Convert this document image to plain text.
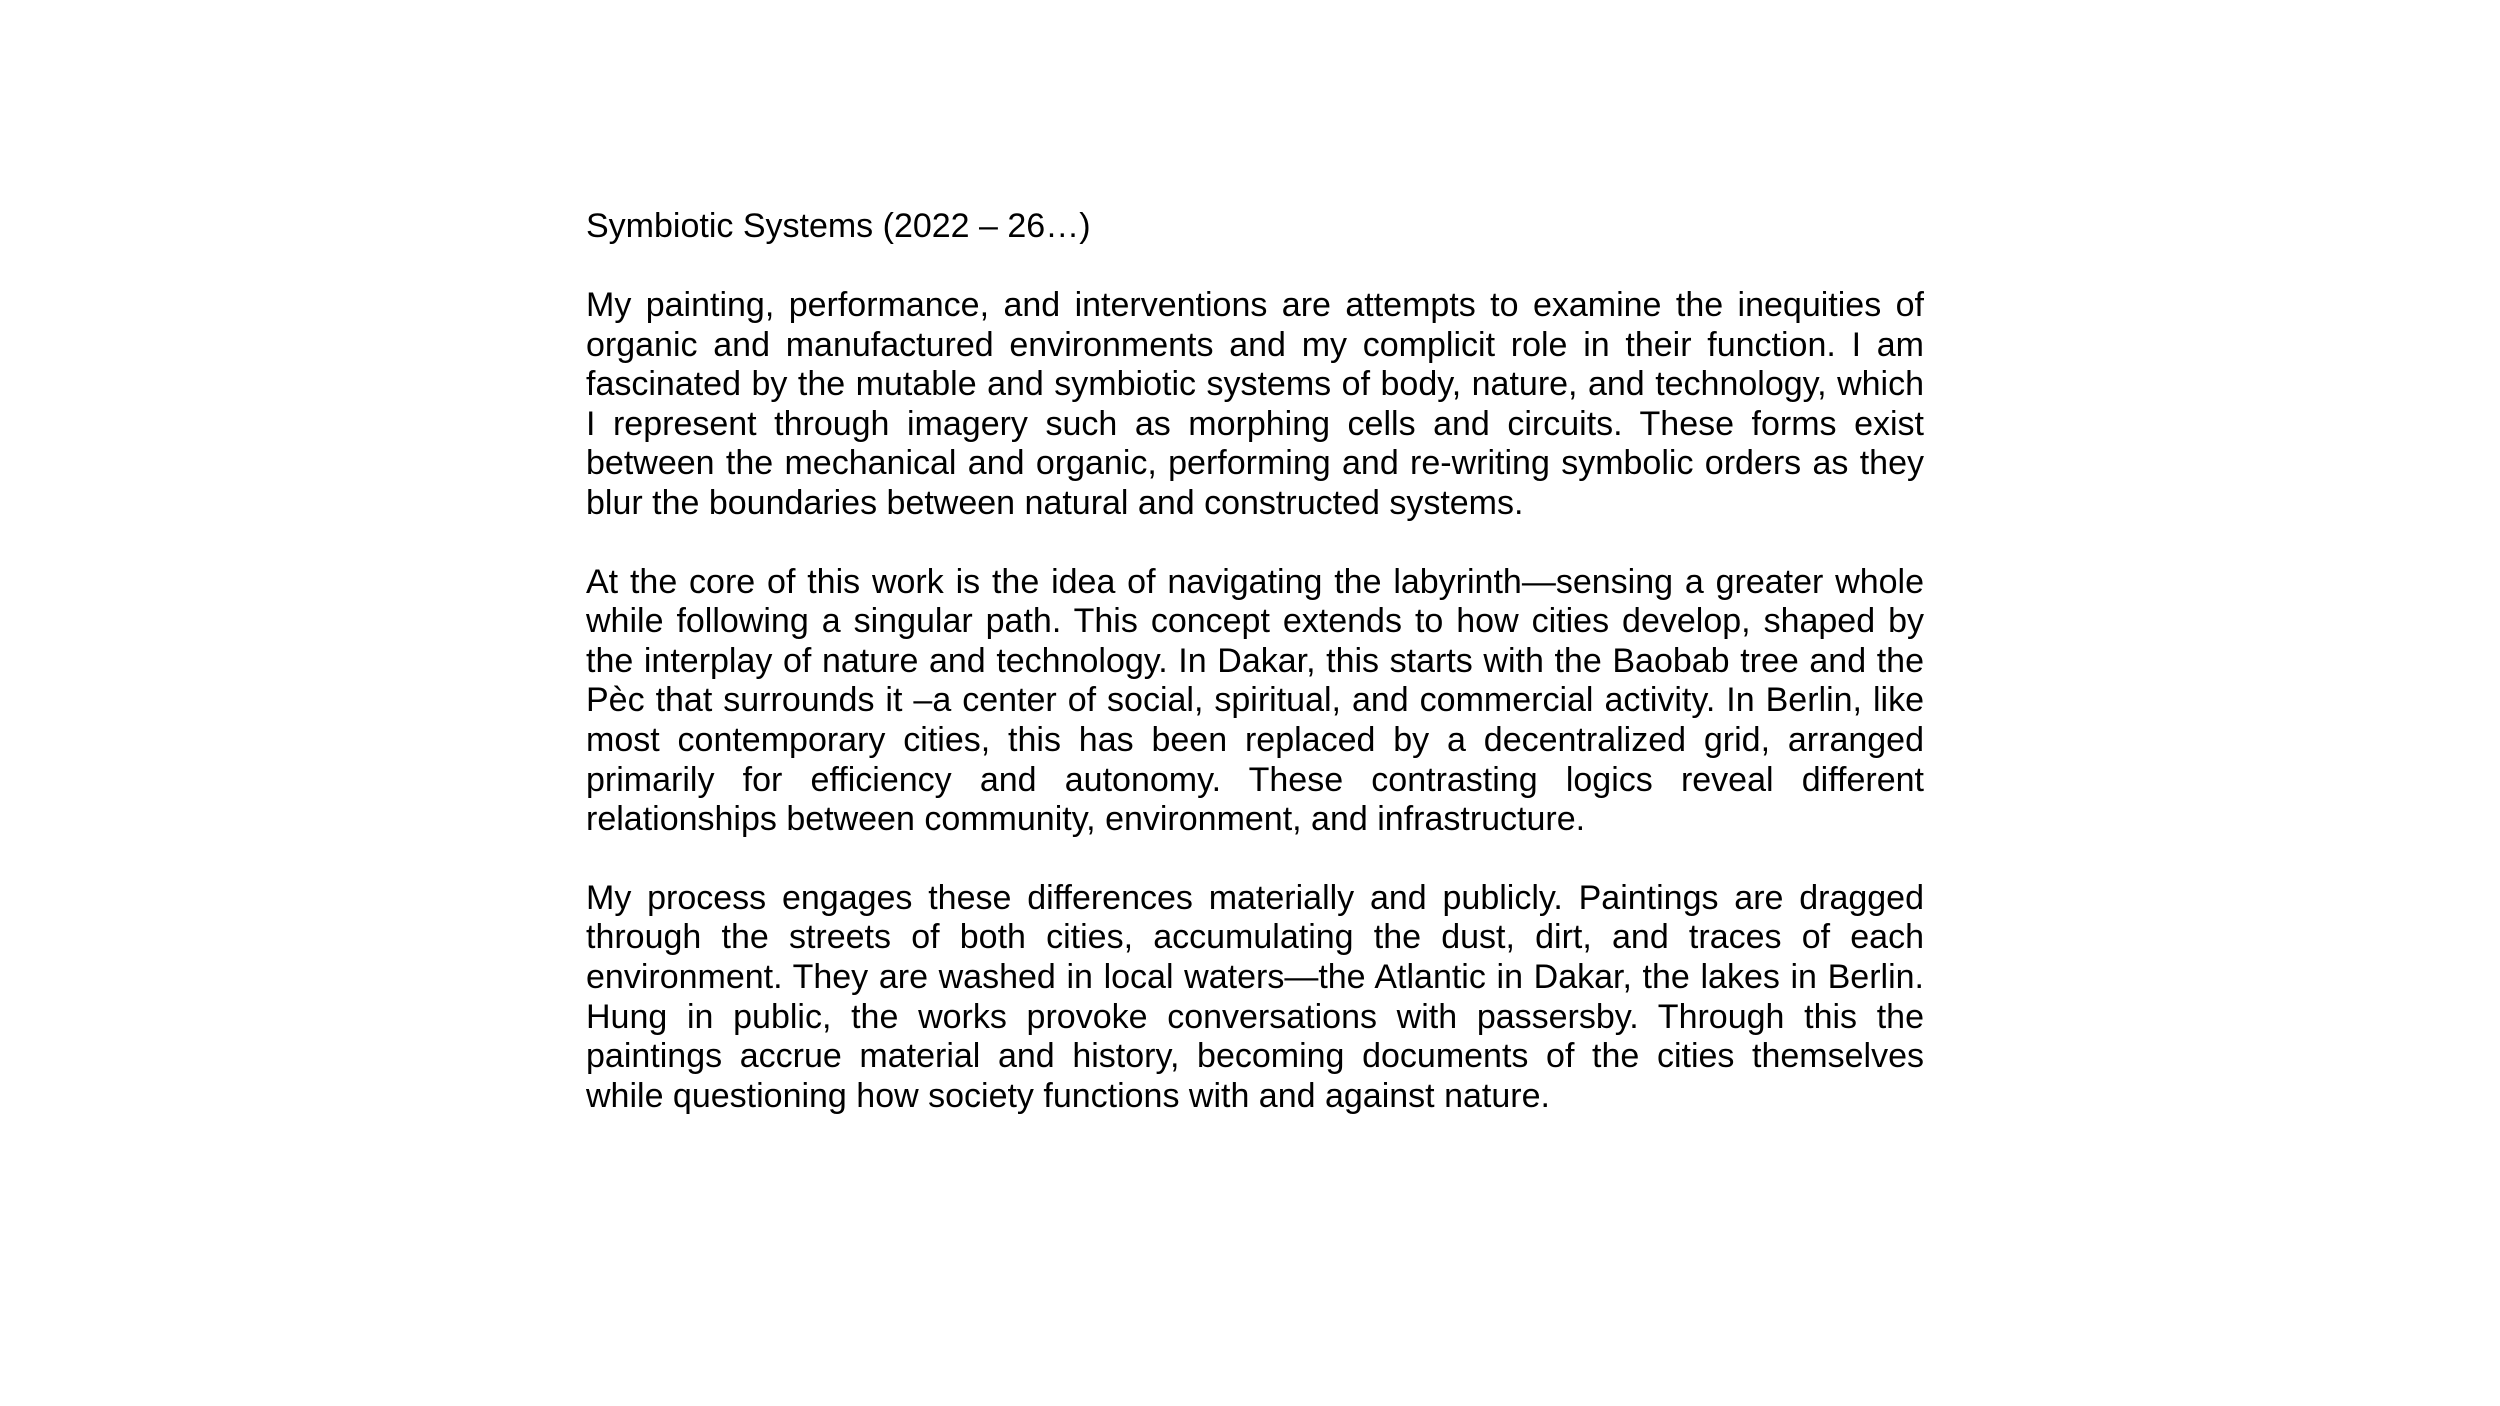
Symbiotic Systems (2022 – 26…)

My painting, performance, and interventions are attempts to examine the inequities of organic and manufactured environments and my complicit role in their function. I am fascinated by the mutable and symbiotic systems of body, nature, and technology, which I represent through imagery such as morphing cells and circuits. These forms exist between the mechanical and organic, performing and re-writing symbolic orders as they blur the boundaries between natural and constructed systems.

At the core of this work is the idea of navigating the labyrinth—sensing a greater whole while following a singular path. This concept extends to how cities develop, shaped by the interplay of nature and technology. In Dakar, this starts with the Baobab tree and the Pèc that surrounds it –a center of social, spiritual, and commercial activity. In Berlin, like most contemporary cities, this has been replaced by a decentralized grid, arranged primarily for efficiency and autonomy. These contrasting logics reveal different relationships between community, environment, and infrastructure.

My process engages these differences materially and publicly. Paintings are dragged through the streets of both cities, accumulating the dust, dirt, and traces of each environment. They are washed in local waters—the Atlantic in Dakar, the lakes in Berlin. Hung in public, the works provoke conversations with passersby. Through this the paintings accrue material and history, becoming documents of the cities themselves while questioning how society functions with and against nature.
